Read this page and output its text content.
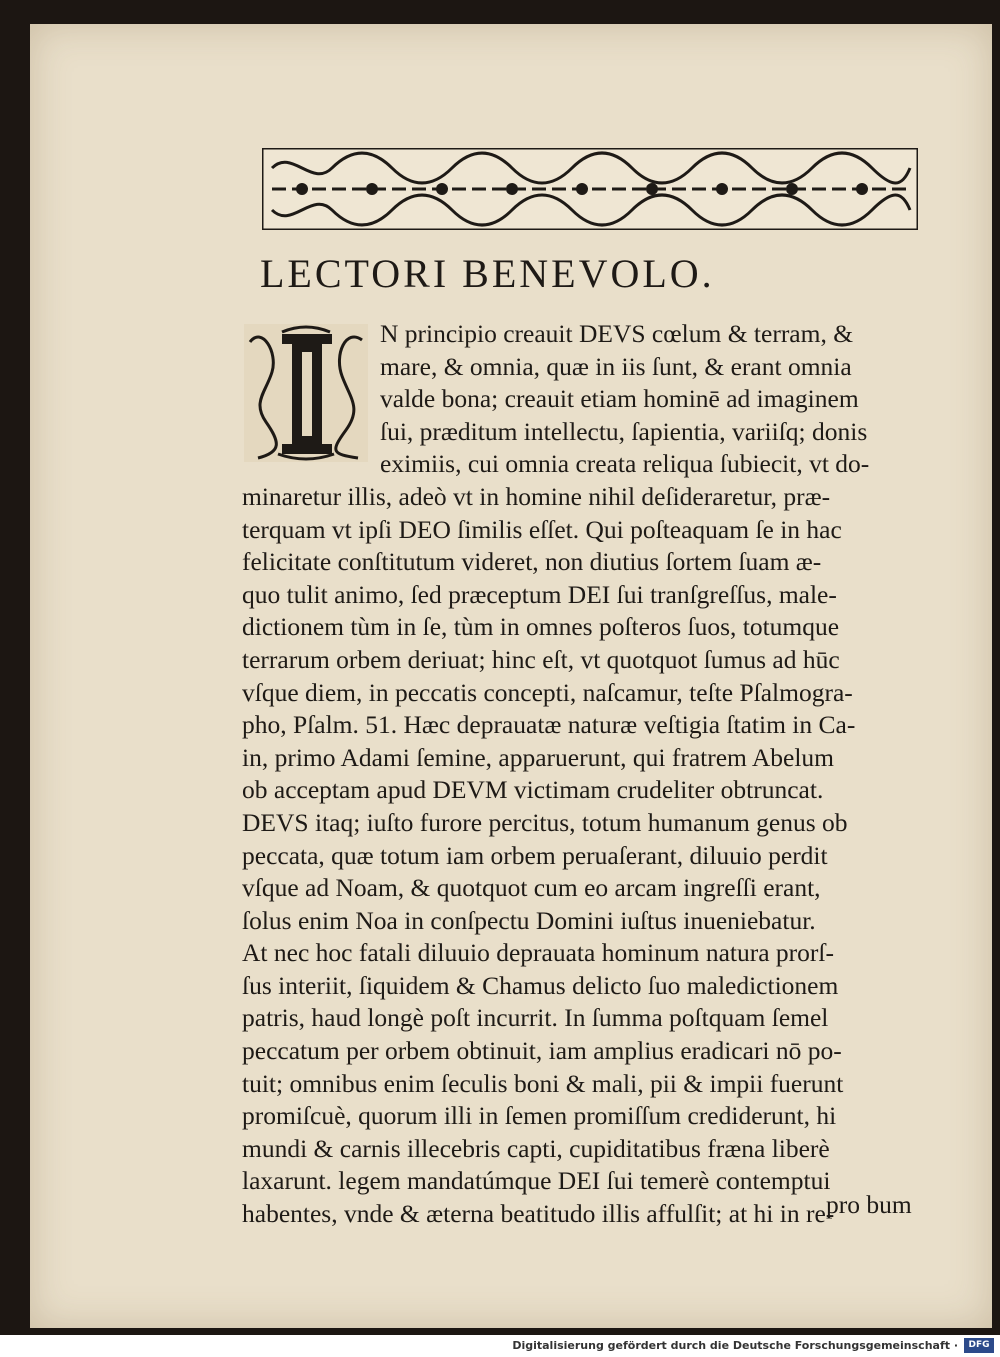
LECTORI BENEVOLO.
N principio creauit DEVS cœlum & terram, &
mare, & omnia, quæ in iis ſunt, & erant omnia
valde bona; creauit etiam hominē ad imaginem
ſui, præditum intellectu, ſapientia, variiſq; donis
eximiis, cui omnia creata reliqua ſubiecit, vt do-
minaretur illis, adeò vt in homine nihil deſideraretur, præ-
terquam vt ipſi DEO ſimilis eſſet. Qui poſteaquam ſe in hac
felicitate conſtitutum videret, non diutius ſortem ſuam æ-
quo tulit animo, ſed præceptum DEI ſui tranſgreſſus, male-
dictionem tùm in ſe, tùm in omnes poſteros ſuos, totumque
terrarum orbem deriuat; hinc eſt, vt quotquot ſumus ad hūc
vſque diem, in peccatis concepti, naſcamur, teſte Pſalmogra-
pho, Pſalm. 51. Hæc deprauatæ naturæ veſtigia ſtatim in Ca-
in, primo Adami ſemine, apparuerunt, qui fratrem Abelum
ob acceptam apud DEVM victimam crudeliter obtruncat.
DEVS itaq; iuſto furore percitus, totum humanum genus ob
peccata, quæ totum iam orbem peruaſerant, diluuio perdit
vſque ad Noam, & quotquot cum eo arcam ingreſſi erant,
ſolus enim Noa in conſpectu Domini iuſtus inueniebatur.
At nec hoc fatali diluuio deprauata hominum natura prorſ-
ſus interiit, ſiquidem & Chamus delicto ſuo maledictionem
patris, haud longè poſt incurrit. In ſumma poſtquam ſemel
peccatum per orbem obtinuit, iam amplius eradicari nō po-
tuit; omnibus enim ſeculis boni & mali, pii & impii fuerunt
promiſcuè, quorum illi in ſemen promiſſum crediderunt, hi
mundi & carnis illecebris capti, cupiditatibus fræna liberè
laxarunt. legem mandatúmque DEI ſui temerè contemptui
habentes, vnde & æterna beatitudo illis affulſit; at hi in re-
pro bum
Digitalisierung gefördert durch die Deutsche Forschungsgemeinschaft ·	DFG
